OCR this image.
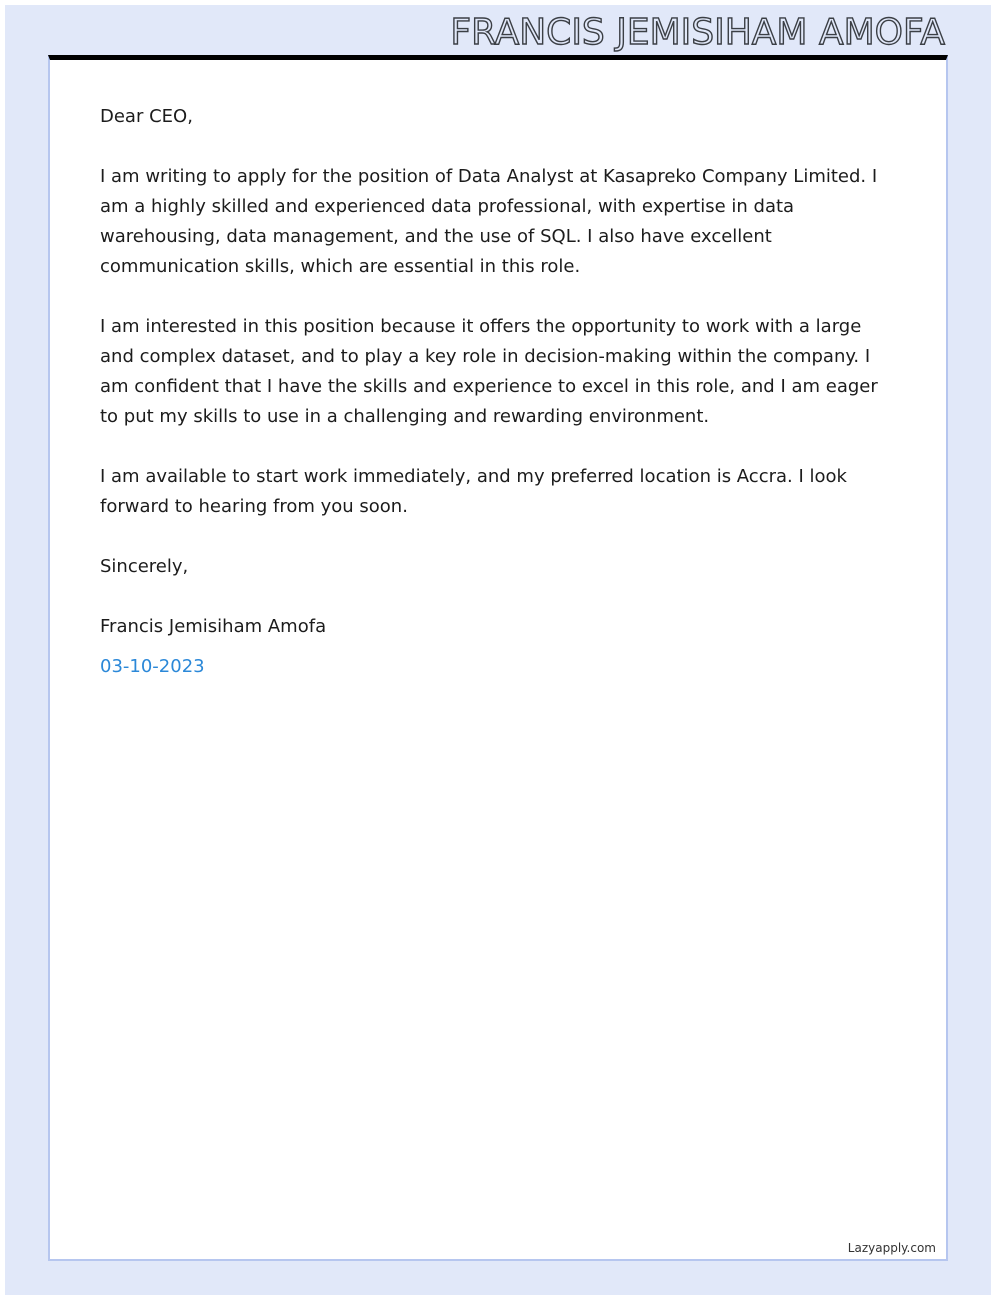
FRANCIS JEMISIHAM AMOFA

Dear CEO,

I am writing to apply for the position of Data Analyst at Kasapreko Company Limited. I am a highly skilled and experienced data professional, with expertise in data warehousing, data management, and the use of SQL. I also have excellent communication skills, which are essential in this role.

I am interested in this position because it offers the opportunity to work with a large and complex dataset, and to play a key role in decision-making within the company. I am confident that I have the skills and experience to excel in this role, and I am eager to put my skills to use in a challenging and rewarding environment.

I am available to start work immediately, and my preferred location is Accra. I look forward to hearing from you soon.

Sincerely,

Francis Jemisiham Amofa

03-10-2023

Lazyapply.com
